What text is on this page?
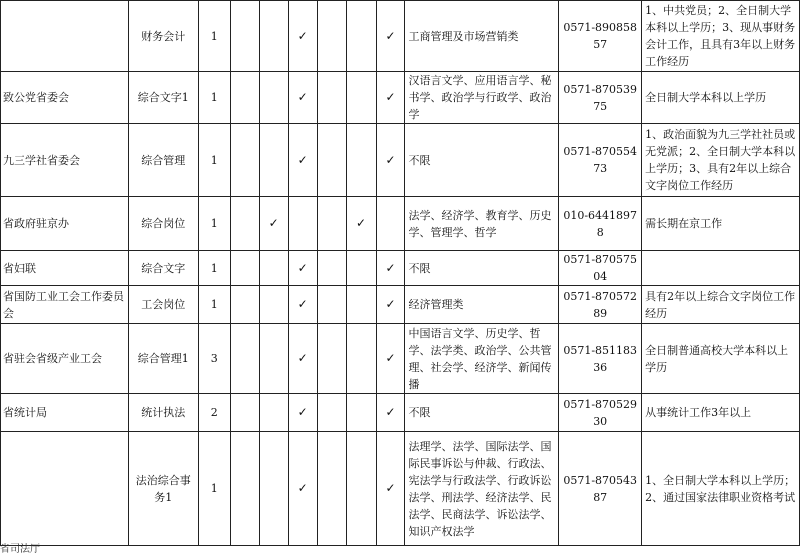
	财务会计	1			✓			✓	工商管理及市场营销类	0571-89085857	1、中共党员；2、全日制大学本科以上学历；3、现从事财务会计工作，且具有3年以上财务工作经历
致公党省委会	综合文字1	1			✓			✓	汉语言文学、应用语言学、秘书学、政治学与行政学、政治学	0571-87053975	全日制大学本科以上学历
九三学社省委会	综合管理	1			✓			✓	不限	0571-87055473	1、政治面貌为九三学社社员或无党派；2、全日制大学本科以上学历；3、具有2年以上综合文字岗位工作经历
省政府驻京办	综合岗位	1		✓			✓		法学、经济学、教育学、历史学、管理学、哲学	010-64418978	需长期在京工作
省妇联	综合文字	1			✓			✓	不限	0571-87057504	
省国防工业工会工作委员会	工会岗位	1			✓			✓	经济管理类	0571-87057289	具有2年以上综合文字岗位工作经历
省驻会省级产业工会	综合管理1	3			✓			✓	中国语言文学、历史学、哲学、法学类、政治学、公共管理、社会学、经济学、新闻传播	0571-85118336	全日制普通高校大学本科以上学历
省统计局	统计执法	2			✓			✓	不限	0571-87052930	从事统计工作3年以上
	法治综合事务1	1			✓			✓	法理学、法学、国际法学、国际民事诉讼与仲裁、行政法、宪法学与行政法学、行政诉讼法学、刑法学、经济法学、民法学、民商法学、诉讼法学、知识产权法学	0571-87054387	1、全日制大学本科以上学历；2、通过国家法律职业资格考试
省司法厅
